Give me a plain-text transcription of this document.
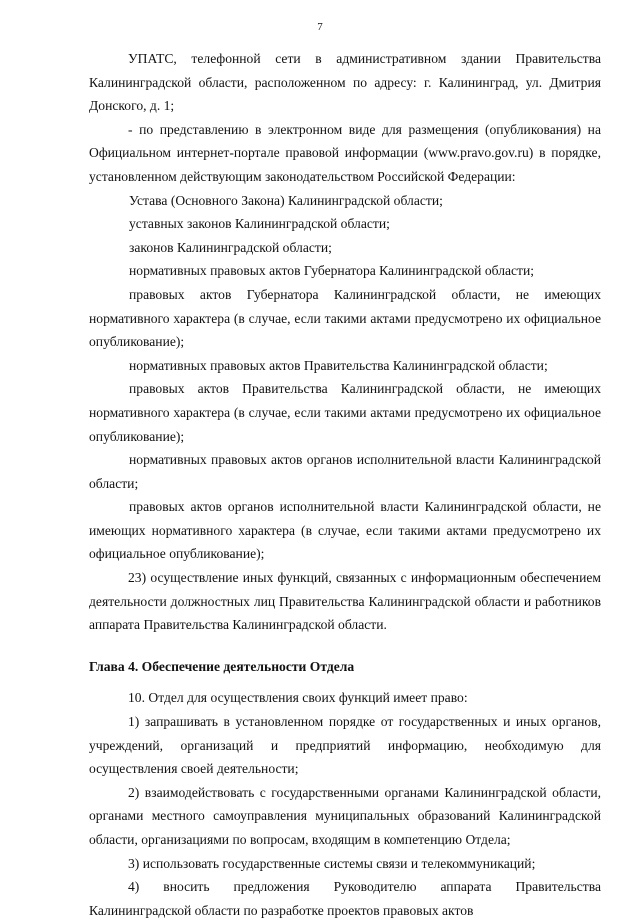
7

УПАТС, телефонной сети в административном здании Правительства Калининградской области, расположенном по адресу: г. Калининград, ул. Дмитрия Донского, д. 1;

- по представлению в электронном виде для размещения (опубликования) на Официальном интернет-портале правовой информации (www.pravo.gov.ru) в порядке, установленном действующим законодательством Российской Федерации:

Устава (Основного Закона) Калининградской области;

уставных законов Калининградской области;

законов Калининградской области;

нормативных правовых актов Губернатора Калининградской области;

правовых актов Губернатора Калининградской области, не имеющих нормативного характера (в случае, если такими актами предусмотрено их официальное опубликование);

нормативных правовых актов Правительства Калининградской области;

правовых актов Правительства Калининградской области, не имеющих нормативного характера (в случае, если такими актами предусмотрено их официальное опубликование);

нормативных правовых актов органов исполнительной власти Калининградской области;

правовых актов органов исполнительной власти Калининградской области, не имеющих нормативного характера (в случае, если такими актами предусмотрено их официальное опубликование);

23) осуществление иных функций, связанных с информационным обеспечением деятельности должностных лиц Правительства Калининградской области и работников аппарата Правительства Калининградской области.

Глава 4. Обеспечение деятельности Отдела

10. Отдел для осуществления своих функций имеет право:

1) запрашивать в установленном порядке от государственных и иных органов, учреждений, организаций и предприятий информацию, необходимую для осуществления своей деятельности;

2) взаимодействовать с государственными органами Калининградской области, органами местного самоуправления муниципальных образований Калининградской области, организациями по вопросам, входящим в компетенцию Отдела;

3) использовать государственные системы связи и телекоммуникаций;

4) вносить предложения Руководителю аппарата Правительства Калининградской области по разработке проектов правовых актов
